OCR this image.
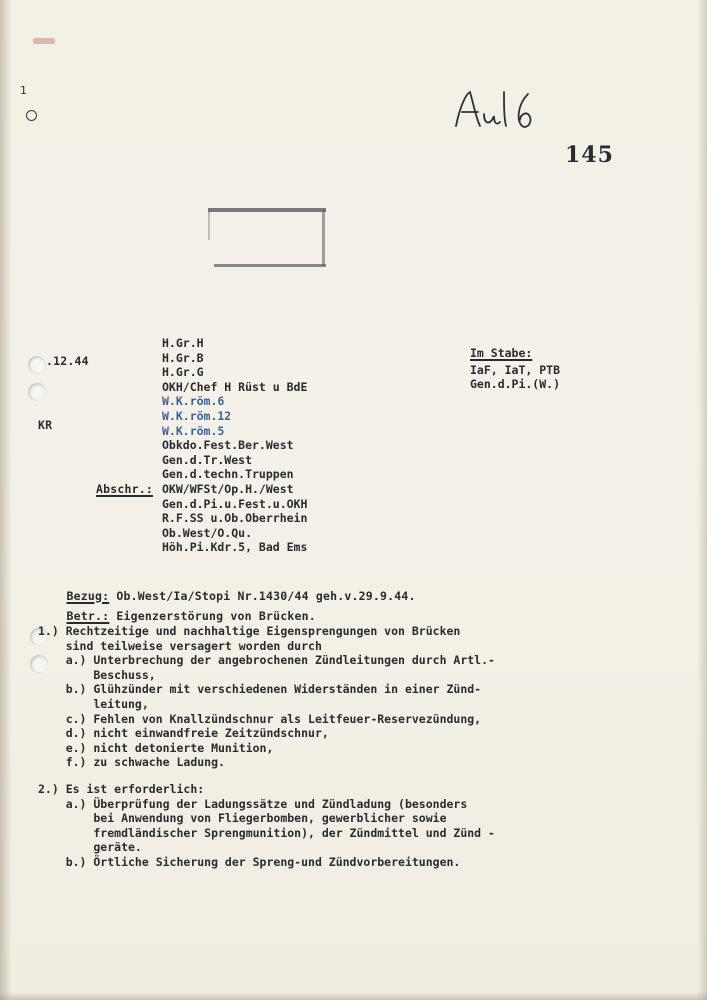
1
145
.12.44
KR
H.Gr.H
H.Gr.B
H.Gr.G
OKH/Chef H Rüst u BdE
W.K.röm.6
W.K.röm.12
W.K.röm.5
Obkdo.Fest.Ber.West
Gen.d.Tr.West
Gen.d.techn.Truppen
OKW/WFSt/Op.H./West
Gen.d.Pi.u.Fest.u.OKH
R.F.SS u.Ob.Oberrhein
Ob.West/O.Qu.
Höh.Pi.Kdr.5, Bad Ems
Abschr.:
Im Stabe:
IaF, IaT, PTB
Gen.d.Pi.(W.)

Bezug: Ob.West/Ia/Stopi Nr.1430/44 geh.v.29.9.44.

Betr.: Eigenzerstörung von Brücken.

1.) Rechtzeitige und nachhaltige Eigensprengungen von Brücken
sind teilweise versagert worden durch
a.) Unterbrechung der angebrochenen Zündleitungen durch Artl.-
Beschuss,
b.) Glühzünder mit verschiedenen Widerständen in einer Zünd-
leitung,
c.) Fehlen von Knallzündschnur als Leitfeuer-Reservezündung,
d.) nicht einwandfreie Zeitzündschnur,
e.) nicht detonierte Munition,
f.) zu schwache Ladung.
2.) Es ist erforderlich:
a.) Überprüfung der Ladungssätze und Zündladung (besonders
bei Anwendung von Fliegerbomben, gewerblicher sowie
fremdländischer Sprengmunition), der Zündmittel und Zünd -
geräte.
b.) Örtliche Sicherung der Spreng-und Zündvorbereitungen.
